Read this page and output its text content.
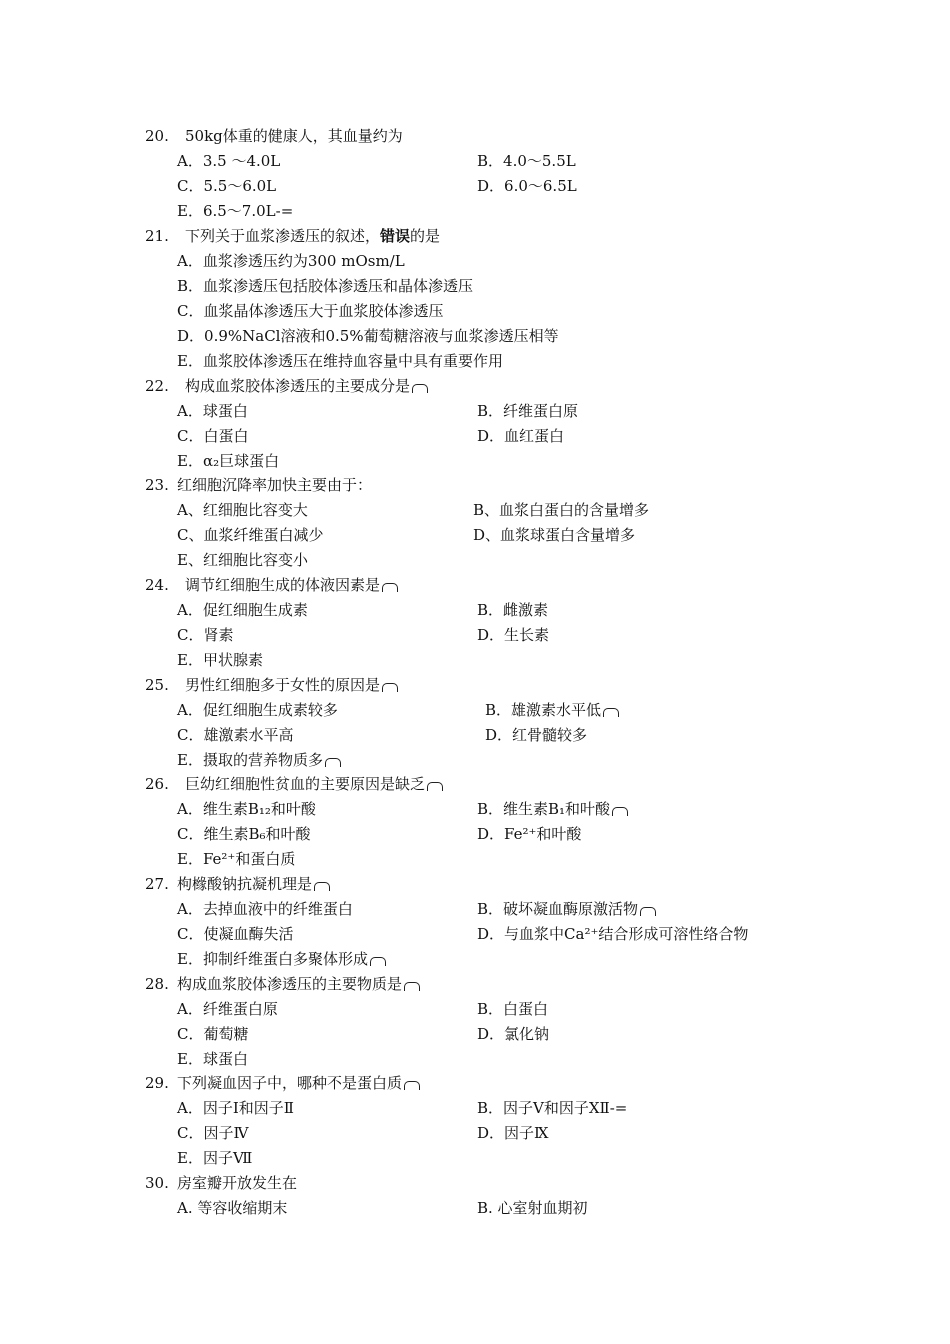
20. 50kg体重的健康人，其血量约为
A．3.5 ～4.0L	B．4.0～5.5L
C．5.5～6.0L	D．6.0～6.5L
E．6.5～7.0L-=
21. 下列关于血浆渗透压的叙述，错误的是
A．血浆渗透压约为300 mOsm/L
B．血浆渗透压包括胶体渗透压和晶体渗透压
C．血浆晶体渗透压大于血浆胶体渗透压
D．0.9%NaCl溶液和0.5%葡萄糖溶液与血浆渗透压相等
E．血浆胶体渗透压在维持血容量中具有重要作用
22. 构成血浆胶体渗透压的主要成分是
A．球蛋白	B．纤维蛋白原
C．白蛋白	D．血红蛋白
E．α₂巨球蛋白
23. 红细胞沉降率加快主要由于：
A、红细胞比容变大	B、血浆白蛋白的含量增多
C、血浆纤维蛋白减少	D、血浆球蛋白含量增多
E、红细胞比容变小
24. 调节红细胞生成的体液因素是
A．促红细胞生成素	B．雌激素
C．肾素	D．生长素
E．甲状腺素
25. 男性红细胞多于女性的原因是
A．促红细胞生成素较多	B．雄激素水平低
C．雄激素水平高	D．红骨髓较多
E．摄取的营养物质多
26. 巨幼红细胞性贫血的主要原因是缺乏
A．维生素B₁₂和叶酸	B．维生素B₁和叶酸
C．维生素B₆和叶酸	D．Fe²⁺和叶酸
E．Fe²⁺和蛋白质
27. 枸橼酸钠抗凝机理是
A．去掉血液中的纤维蛋白	B．破坏凝血酶原激活物
C．使凝血酶失活	D．与血浆中Ca²⁺结合形成可溶性络合物
E．抑制纤维蛋白多聚体形成
28. 构成血浆胶体渗透压的主要物质是
A．纤维蛋白原	B．白蛋白
C．葡萄糖	D．氯化钠
E．球蛋白
29. 下列凝血因子中，哪种不是蛋白质
A．因子Ⅰ和因子Ⅱ	B．因子Ⅴ和因子ⅩⅡ-=
C．因子Ⅳ	D．因子Ⅸ
E．因子Ⅶ
30. 房室瓣开放发生在
A. 等容收缩期末	B. 心室射血期初
